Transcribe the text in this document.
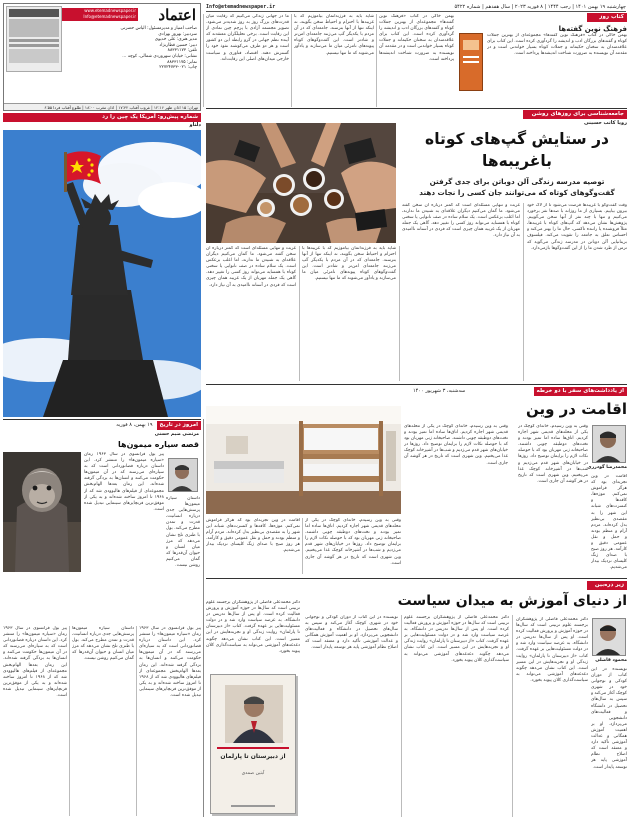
چهارشنبه ۱۹ بهمن ۱۴۰۱ | رجب ۱۴۴۴ | ۸ فوریه ۲۰۲۳ | سال هفدهم | شماره ۵۴۲۲
Info@etemadnewspaper.ir
www.etemadnewspaper.ir
Info@etemadnewspaper.ir اعتماد
صاحب امتیاز و مدیرمسئول: الیاس حضرتی
سردبیر: بهروز بهزادی
مدیر هنری: علی خدیوی
دبیر: حسین قطارنژاد
تلفن: ۸۸۳۳۱۱۷۳
نشانی: خیابان سهروردی شمالی، کوچه ...
نمابر: ۸۸۳۳۱۱۷۵
چاپ: ۰۲۱-۲۲۷۲۴۷۳۳
تهران: ۱۵ اذان ظهر ۱۲:۱۶ | غروب آفتاب ۱۷:۴۲ | اذان مغرب ۱۸:۰۰ | طلوع آفتاب فردا ۶:۵۵
شماره پیش‌رو: آمریکا یک چین را رد
دلتاو
ما در جهانی زندگی می‌کنیم که رقابت میان قدرت‌های بزرگ روز به روز شدیدتر می‌شود. تصویر مجسمه آزادی با پرچم چین نمادی از این رقابت است. برخی تحلیلگران معتقدند که آینده نظم جهانی در گرو رابطه این دو کشور است و هر دو طرف می‌کوشند نفوذ خود را گسترش دهند. اقتصاد، فناوری و سیاست خارجی میدان‌های اصلی این رقابت‌اند.
شاید باید به فرزندانمان بیاموزیم که با غریبه‌ها با احترام و احتیاط سخن بگویند، نه اینکه تنها از آنها بترسند. جامعه‌ای که در آن مردم با یکدیگر گپ می‌زنند جامعه‌ای امن‌تر و شادتر است. این گفت‌وگوهای کوتاه پیوندهای نامرئی میان ما می‌سازند و یادآور می‌شوند که ما تنها نیستیم.
بهمن خاکی در کتاب «فرهنگ نوین گفته‌ها» مجموعه‌ای از بهترین جملات کوتاه و گفته‌های بزرگان ادب و اندیشه را گردآوری کرده است. این کتاب برای علاقه‌مندان به سخنان حکیمانه و جملات کوتاه بسیار خواندنی است و در مقدمه آن نویسنده به ضرورت شناخت اندیشه‌ها پرداخته است.
کتاب روز
فرهنگ نوین گفته‌ها
بهمن خاکی در کتاب «فرهنگ نوین گفته‌ها» مجموعه‌ای از بهترین جملات کوتاه و گفته‌های بزرگان ادب و اندیشه را گردآوری کرده است. این کتاب برای علاقه‌مندان به سخنان حکیمانه و جملات کوتاه بسیار خواندنی است و در مقدمه آن نویسنده به ضرورت شناخت اندیشه‌ها پرداخته است.
جامعه‌شناسی برای روزهای روشن
رویا کاتب حسینی
در ستایش گپ‌های کوتاه
باغریبه‌ها
توصیه مدرسه زندگی آلن دوباتن برای جدی گرفتن
گفت‌وگوهای کوتاه که می‌توانند جان کسی را نجات دهند
وقت گفت‌وگو با غریبه‌ها فرصت می‌شود تا از لاک خود بیرون بیاییم. بسیاری از ما روزانه با صدها نفر برخورد می‌کنیم و تنها با چند نفر از آنها سخن می‌گوییم. پژوهش‌ها نشان می‌دهد که گپ‌های کوتاه با غریبه‌ها، مثلاً فروشنده یا راننده تاکسی، حال ما را بهتر می‌کند و احساس تعلق به جامعه را تقویت می‌کند. فیلسوف بریتانیایی آلن دوباتن در مدرسه زندگی می‌گوید که ترس از طرد شدن ما را از این گفت‌وگوها بازمی‌دارد.
غربت و تنهایی مسئله‌ای است که کمتر درباره آن سخن گفته می‌شود. ما گمان می‌کنیم دیگران علاقه‌ای به شنیدن ما ندارند، اما اغلب برعکس است. یک سلام ساده در صف نانوایی یا سخنی کوتاه با همسایه می‌تواند روز کسی را تغییر دهد. گاهی یک جمله مهربان از یک غریبه همان چیزی است که فردی در آستانه ناامیدی به آن نیاز دارد.
شاید باید به فرزندانمان بیاموزیم که با غریبه‌ها با احترام و احتیاط سخن بگویند، نه اینکه تنها از آنها بترسند. جامعه‌ای که در آن مردم با یکدیگر گپ می‌زنند جامعه‌ای امن‌تر و شادتر است. این گفت‌وگوهای کوتاه پیوندهای نامرئی میان ما می‌سازند و یادآور می‌شوند که ما تنها نیستیم.
غربت و تنهایی مسئله‌ای است که کمتر درباره آن سخن گفته می‌شود. ما گمان می‌کنیم دیگران علاقه‌ای به شنیدن ما ندارند، اما اغلب برعکس است. یک سلام ساده در صف نانوایی یا سخنی کوتاه با همسایه می‌تواند روز کسی را تغییر دهد. گاهی یک جمله مهربان از یک غریبه همان چیزی است که فردی در آستانه ناامیدی به آن نیاز دارد.
از یادداشت‌های سفر با دو خرطه
سه‌شنبه، ۳ شهریور ۱۴۰۰
اقامت در وین
محمدرضا گودرزی
وقتی به وین رسیدم، خانه‌ای کوچک در یکی از محله‌های قدیمی شهر اجاره کردیم. اتاق‌ها ساده اما تمیز بودند و تخت‌های دوطبقه چوبی داشتند. صاحبخانه زنی مهربان بود که با حوصله نکات لازم را برایمان توضیح داد. روزها در خیابان‌های شهر قدم می‌زدیم و شب‌ها در آشپزخانه کوچک غذا می‌پختیم. وین شهری است که تاریخ در هر گوشه آن جاری است.
اقامت در وین تجربه‌ای بود که هرگز فراموش نمی‌کنم. موزه‌ها، کافه‌ها و کنسرت‌های شبانه این شهر را به مقصدی بی‌نظیر بدل کرده‌اند. مردم آرام و منظم بودند و حمل و نقل عمومی دقیق و کارآمد. هر روز صبح با صدای زنگ کلیسای نزدیک بیدار می‌شدیم.
وقتی به وین رسیدم، خانه‌ای کوچک در یکی از محله‌های قدیمی شهر اجاره کردیم. اتاق‌ها ساده اما تمیز بودند و تخت‌های دوطبقه چوبی داشتند. صاحبخانه زنی مهربان بود که با حوصله نکات لازم را برایمان توضیح داد. روزها در خیابان‌های شهر قدم می‌زدیم و شب‌ها در آشپزخانه کوچک غذا می‌پختیم. وین شهری است که تاریخ در هر گوشه آن جاری است.
اقامت در وین تجربه‌ای بود که هرگز فراموش نمی‌کنم. موزه‌ها، کافه‌ها و کنسرت‌های شبانه این شهر را به مقصدی بی‌نظیر بدل کرده‌اند. مردم آرام و منظم بودند و حمل و نقل عمومی دقیق و کارآمد. هر روز صبح با صدای زنگ کلیسای نزدیک بیدار می‌شدیم.
وقتی به وین رسیدم، خانه‌ای کوچک در یکی از محله‌های قدیمی شهر اجاره کردیم. اتاق‌ها ساده اما تمیز بودند و تخت‌های دوطبقه چوبی داشتند. صاحبخانه زنی مهربان بود که با حوصله نکات لازم را برایمان توضیح داد. روزها در خیابان‌های شهر قدم می‌زدیم و شب‌ها در آشپزخانه کوچک غذا می‌پختیم. وین شهری است که تاریخ در هر گوشه آن جاری است.
زیر ذره‌بین
از دنیای آموزش به میدان سیاست
محمود فاضلی
دکتر محمدعلی فاضلی از پژوهشگران برجسته علوم تربیتی است که سال‌ها در حوزه آموزش و پرورش فعالیت کرده است. او پس از سال‌ها تدریس در دانشگاه، به عرصه سیاست وارد شد و در دولت مسئولیت‌هایی بر عهده گرفت. کتاب «از دبیرستان تا پارلمان» روایت زندگی او و تجربه‌هایش در این مسیر است. این کتاب نشان می‌دهد چگونه دغدغه‌های آموزشی می‌تواند به سیاست‌گذاری کلان پیوند بخورد.
نویسنده در این کتاب از دوران کودکی و نوجوانی خود در شهری کوچک آغاز می‌کند و سپس به سال‌های تحصیل در دانشگاه و فعالیت‌های دانشجویی می‌پردازد. او بر اهمیت آموزش همگانی و عدالت آموزشی تأکید دارد و معتقد است که اصلاح نظام آموزشی پایه هر توسعه پایدار است.
دکتر محمدعلی فاضلی از پژوهشگران برجسته علوم تربیتی است که سال‌ها در حوزه آموزش و پرورش فعالیت کرده است. او پس از سال‌ها تدریس در دانشگاه، به عرصه سیاست وارد شد و در دولت مسئولیت‌هایی بر عهده گرفت. کتاب «از دبیرستان تا پارلمان» روایت زندگی او و تجربه‌هایش در این مسیر است. این کتاب نشان می‌دهد چگونه دغدغه‌های آموزشی می‌تواند به سیاست‌گذاری کلان پیوند بخورد.
نویسنده در این کتاب از دوران کودکی و نوجوانی خود در شهری کوچک آغاز می‌کند و سپس به سال‌های تحصیل در دانشگاه و فعالیت‌های دانشجویی می‌پردازد. او بر اهمیت آموزش همگانی و عدالت آموزشی تأکید دارد و معتقد است که اصلاح نظام آموزشی پایه هر توسعه پایدار است.
دکتر محمدعلی فاضلی از پژوهشگران برجسته علوم تربیتی است که سال‌ها در حوزه آموزش و پرورش فعالیت کرده است. او پس از سال‌ها تدریس در دانشگاه، به عرصه سیاست وارد شد و در دولت مسئولیت‌هایی بر عهده گرفت. کتاب «از دبیرستان تا پارلمان» روایت زندگی او و تجربه‌هایش در این مسیر است. این کتاب نشان می‌دهد چگونه دغدغه‌های آموزشی می‌تواند به سیاست‌گذاری کلان پیوند بخورد.
از دبیرستان تا پارلمان
آبتین صمدی
امروز در تاریخ
۱۹ بهمن، ۸ فوریه
مرتضی ضیم حسنی
قصه سیاره میمون‌ها
پیر بول فرانسوی در سال ۱۹۶۳ رمان «سیاره میمون‌ها» را منتشر کرد. این داستان درباره فضانوردانی است که به سیاره‌ای می‌رسند که در آن میمون‌ها حکومت می‌کنند و انسان‌ها به بردگی گرفته شده‌اند. این رمان بعدها الهام‌بخش مجموعه‌ای از فیلم‌های هالیوودی شد که از ۱۹۶۸ تا امروز ساخته شده‌اند و به یکی از موفق‌ترین فرنچایزهای سینمایی تبدیل شده است.
داستان سیاره میمون‌ها پرسش‌هایی جدی درباره انسانیت، قدرت و تمدن مطرح می‌کند. بول با طنزی تلخ نشان می‌دهد که مرز میان انسان و حیوان آن‌قدرها که گمان می‌کنیم روشن نیست.
پیر بول فرانسوی در سال ۱۹۶۳ رمان «سیاره میمون‌ها» را منتشر کرد. این داستان درباره فضانوردانی است که به سیاره‌ای می‌رسند که در آن میمون‌ها حکومت می‌کنند و انسان‌ها به بردگی گرفته شده‌اند. این رمان بعدها الهام‌بخش مجموعه‌ای از فیلم‌های هالیوودی شد که از ۱۹۶۸ تا امروز ساخته شده‌اند و به یکی از موفق‌ترین فرنچایزهای سینمایی تبدیل شده است.
داستان سیاره میمون‌ها پرسش‌هایی جدی درباره انسانیت، قدرت و تمدن مطرح می‌کند. بول با طنزی تلخ نشان می‌دهد که مرز میان انسان و حیوان آن‌قدرها که گمان می‌کنیم روشن نیست.
پیر بول فرانسوی در سال ۱۹۶۳ رمان «سیاره میمون‌ها» را منتشر کرد. این داستان درباره فضانوردانی است که به سیاره‌ای می‌رسند که در آن میمون‌ها حکومت می‌کنند و انسان‌ها به بردگی گرفته شده‌اند. این رمان بعدها الهام‌بخش مجموعه‌ای از فیلم‌های هالیوودی شد که از ۱۹۶۸ تا امروز ساخته شده‌اند و به یکی از موفق‌ترین فرنچایزهای سینمایی تبدیل شده است.
